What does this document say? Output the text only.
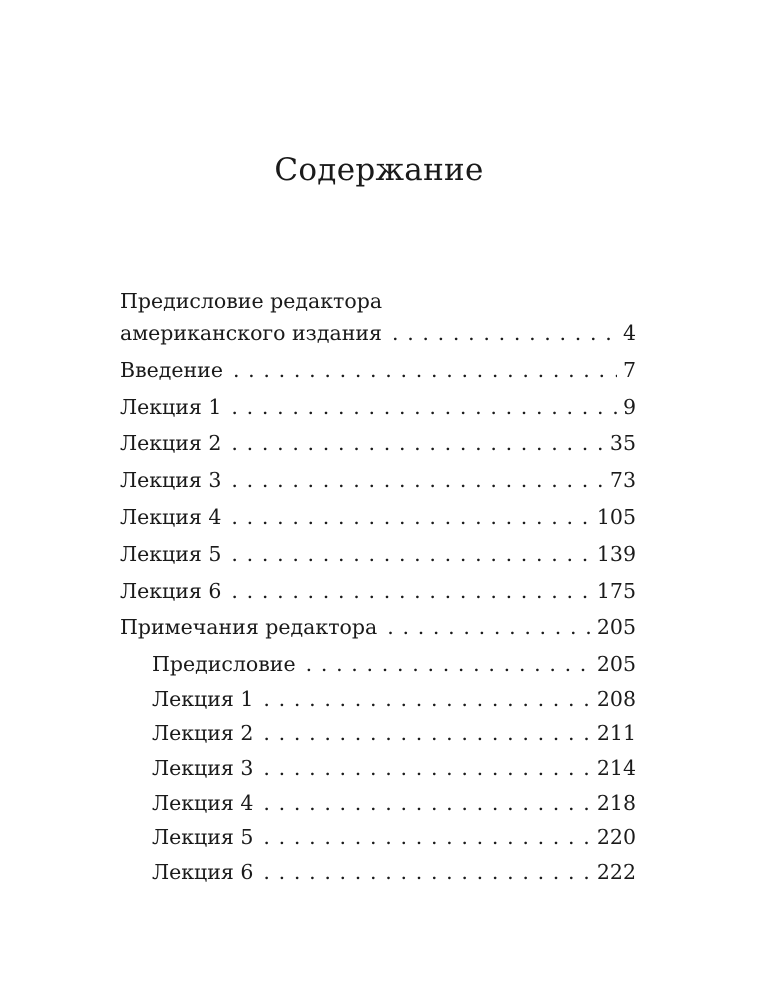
Содержание
Предисловие редактора
американского издания . . .	4
Введение . . .	7
Лекция 1 . . .	9
Лекция 2 . . .	35
Лекция 3 . . .	73
Лекция 4 . . .	105
Лекция 5 . . .	139
Лекция 6 . . .	175
Примечания редактора . . .	205
Предисловие . . .	205
Лекция 1 . . .	208
Лекция 2 . . .	211
Лекция 3 . . .	214
Лекция 4 . . .	218
Лекция 5 . . .	220
Лекция 6 . . .	222
